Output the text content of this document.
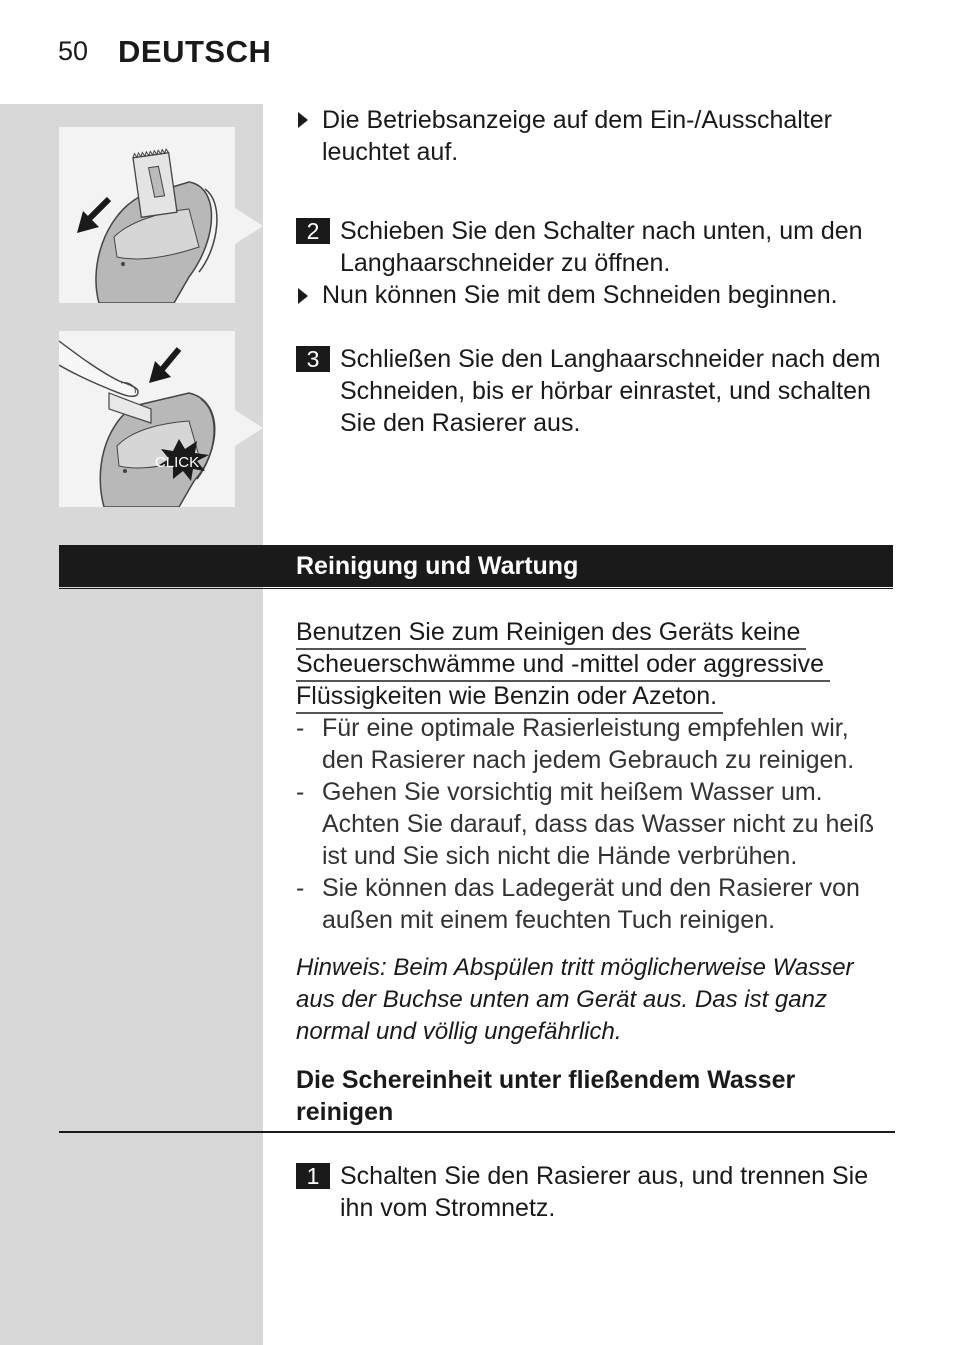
50 DEUTSCH
CLICK
Die Betriebsanzeige auf dem Ein-/Ausschalter
leuchtet auf.
2 Schieben Sie den Schalter nach unten, um den
Langhaarschneider zu öffnen.
Nun können Sie mit dem Schneiden beginnen.
3 Schließen Sie den Langhaarschneider nach dem
Schneiden, bis er hörbar einrastet, und schalten
Sie den Rasierer aus.
Reinigung und Wartung
Benutzen Sie zum Reinigen des Geräts keine
Scheuerschwämme und -mittel oder aggressive
Flüssigkeiten wie Benzin oder Azeton.
- Für eine optimale Rasierleistung empfehlen wir,
den Rasierer nach jedem Gebrauch zu reinigen.
- Gehen Sie vorsichtig mit heißem Wasser um.
Achten Sie darauf, dass das Wasser nicht zu heiß
ist und Sie sich nicht die Hände verbrühen.
- Sie können das Ladegerät und den Rasierer von
außen mit einem feuchten Tuch reinigen.
Hinweis: Beim Abspülen tritt möglicherweise Wasser
aus der Buchse unten am Gerät aus. Das ist ganz
normal und völlig ungefährlich.
Die Schereinheit unter fließendem Wasser
reinigen
1 Schalten Sie den Rasierer aus, und trennen Sie
ihn vom Stromnetz.
